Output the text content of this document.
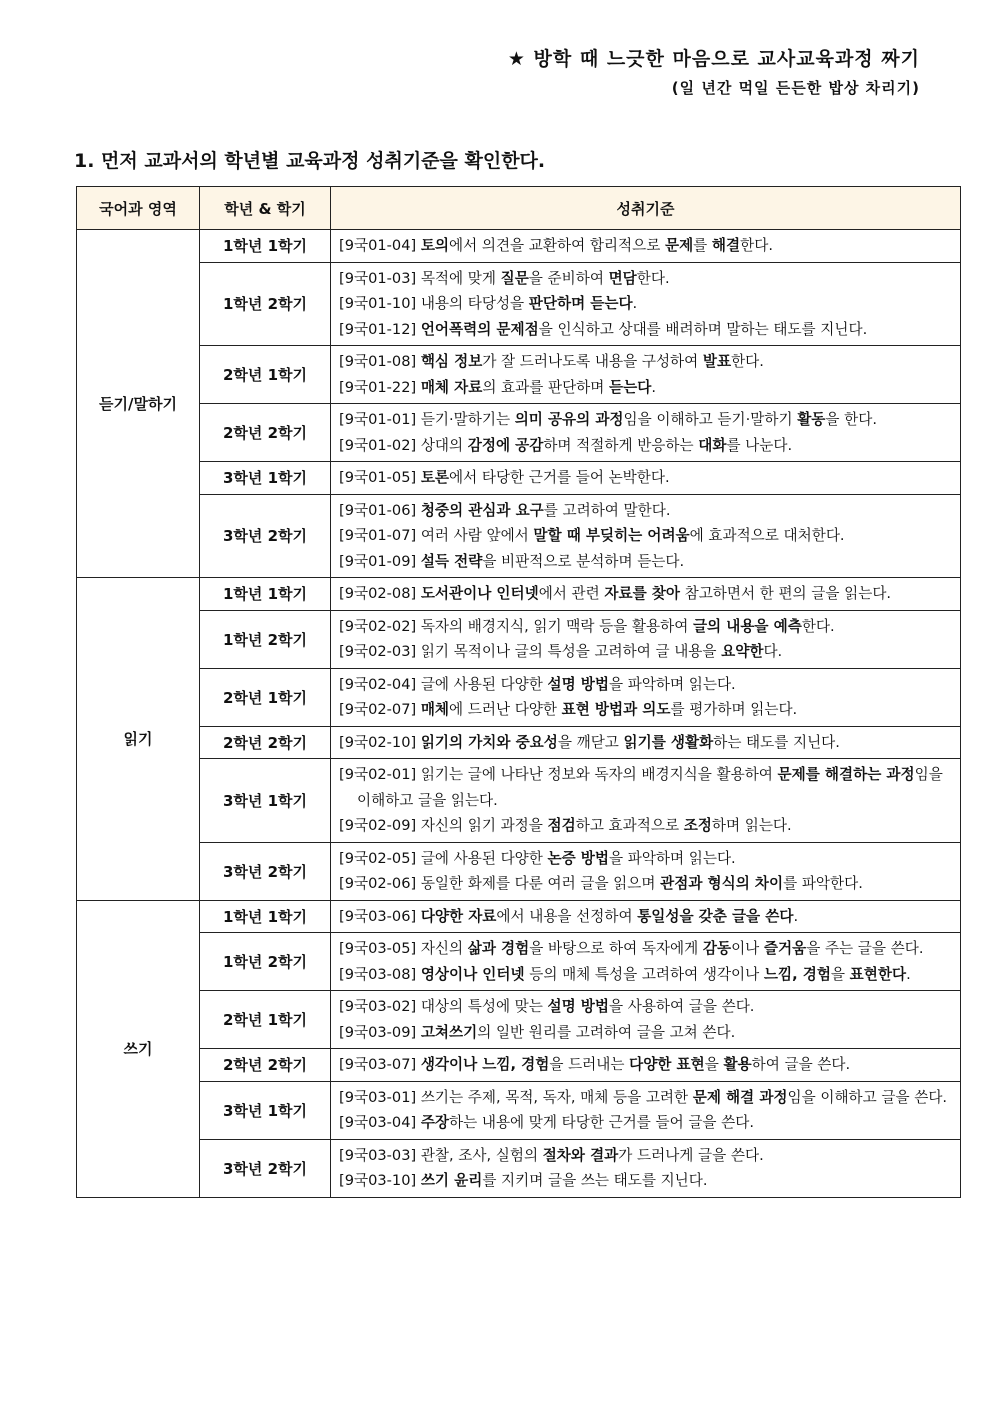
★ 방학 때 느긋한 마음으로 교사교육과정 짜기
(일 년간 먹일 든든한 밥상 차리기)
1. 먼저 교과서의 학년별 교육과정 성취기준을 확인한다.
국어과 영역	학년 & 학기	성취기준
듣기/말하기	1학년 1학기	[9국01-04] 토의에서 의견을 교환하여 합리적으로 문제를 해결한다.

	1학년 2학기	[9국01-03] 목적에 맞게 질문을 준비하여 면담한다.
[9국01-10] 내용의 타당성을 판단하며 듣는다.
[9국01-12] 언어폭력의 문제점을 인식하고 상대를 배려하며 말하는 태도를 지닌다.

	2학년 1학기	[9국01-08] 핵심 정보가 잘 드러나도록 내용을 구성하여 발표한다.
[9국01-22] 매체 자료의 효과를 판단하며 듣는다.

	2학년 2학기	[9국01-01] 듣기·말하기는 의미 공유의 과정임을 이해하고 듣기·말하기 활동을 한다.
[9국01-02] 상대의 감정에 공감하며 적절하게 반응하는 대화를 나눈다.

	3학년 1학기	[9국01-05] 토론에서 타당한 근거를 들어 논박한다.

	3학년 2학기	[9국01-06] 청중의 관심과 요구를 고려하여 말한다.
[9국01-07] 여러 사람 앞에서 말할 때 부딪히는 어려움에 효과적으로 대처한다.
[9국01-09] 설득 전략을 비판적으로 분석하며 듣는다.

읽기	1학년 1학기	[9국02-08] 도서관이나 인터넷에서 관련 자료를 찾아 참고하면서 한 편의 글을 읽는다.

	1학년 2학기	[9국02-02] 독자의 배경지식, 읽기 맥락 등을 활용하여 글의 내용을 예측한다.
[9국02-03] 읽기 목적이나 글의 특성을 고려하여 글 내용을 요약한다.

	2학년 1학기	[9국02-04] 글에 사용된 다양한 설명 방법을 파악하며 읽는다.
[9국02-07] 매체에 드러난 다양한 표현 방법과 의도를 평가하며 읽는다.

	2학년 2학기	[9국02-10] 읽기의 가치와 중요성을 깨닫고 읽기를 생활화하는 태도를 지닌다.

	3학년 1학기	[9국02-01] 읽기는 글에 나타난 정보와 독자의 배경지식을 활용하여 문제를 해결하는 과정임을 이해하고 글을 읽는다.
[9국02-09] 자신의 읽기 과정을 점검하고 효과적으로 조정하며 읽는다.

	3학년 2학기	[9국02-05] 글에 사용된 다양한 논증 방법을 파악하며 읽는다.
[9국02-06] 동일한 화제를 다룬 여러 글을 읽으며 관점과 형식의 차이를 파악한다.

쓰기	1학년 1학기	[9국03-06] 다양한 자료에서 내용을 선정하여 통일성을 갖춘 글을 쓴다.

	1학년 2학기	[9국03-05] 자신의 삶과 경험을 바탕으로 하여 독자에게 감동이나 즐거움을 주는 글을 쓴다.
[9국03-08] 영상이나 인터넷 등의 매체 특성을 고려하여 생각이나 느낌, 경험을 표현한다.

	2학년 1학기	[9국03-02] 대상의 특성에 맞는 설명 방법을 사용하여 글을 쓴다.
[9국03-09] 고쳐쓰기의 일반 원리를 고려하여 글을 고쳐 쓴다.

	2학년 2학기	[9국03-07] 생각이나 느낌, 경험을 드러내는 다양한 표현을 활용하여 글을 쓴다.

	3학년 1학기	[9국03-01] 쓰기는 주제, 목적, 독자, 매체 등을 고려한 문제 해결 과정임을 이해하고 글을 쓴다.
[9국03-04] 주장하는 내용에 맞게 타당한 근거를 들어 글을 쓴다.

	3학년 2학기	[9국03-03] 관찰, 조사, 실험의 절차와 결과가 드러나게 글을 쓴다.
[9국03-10] 쓰기 윤리를 지키며 글을 쓰는 태도를 지닌다.
